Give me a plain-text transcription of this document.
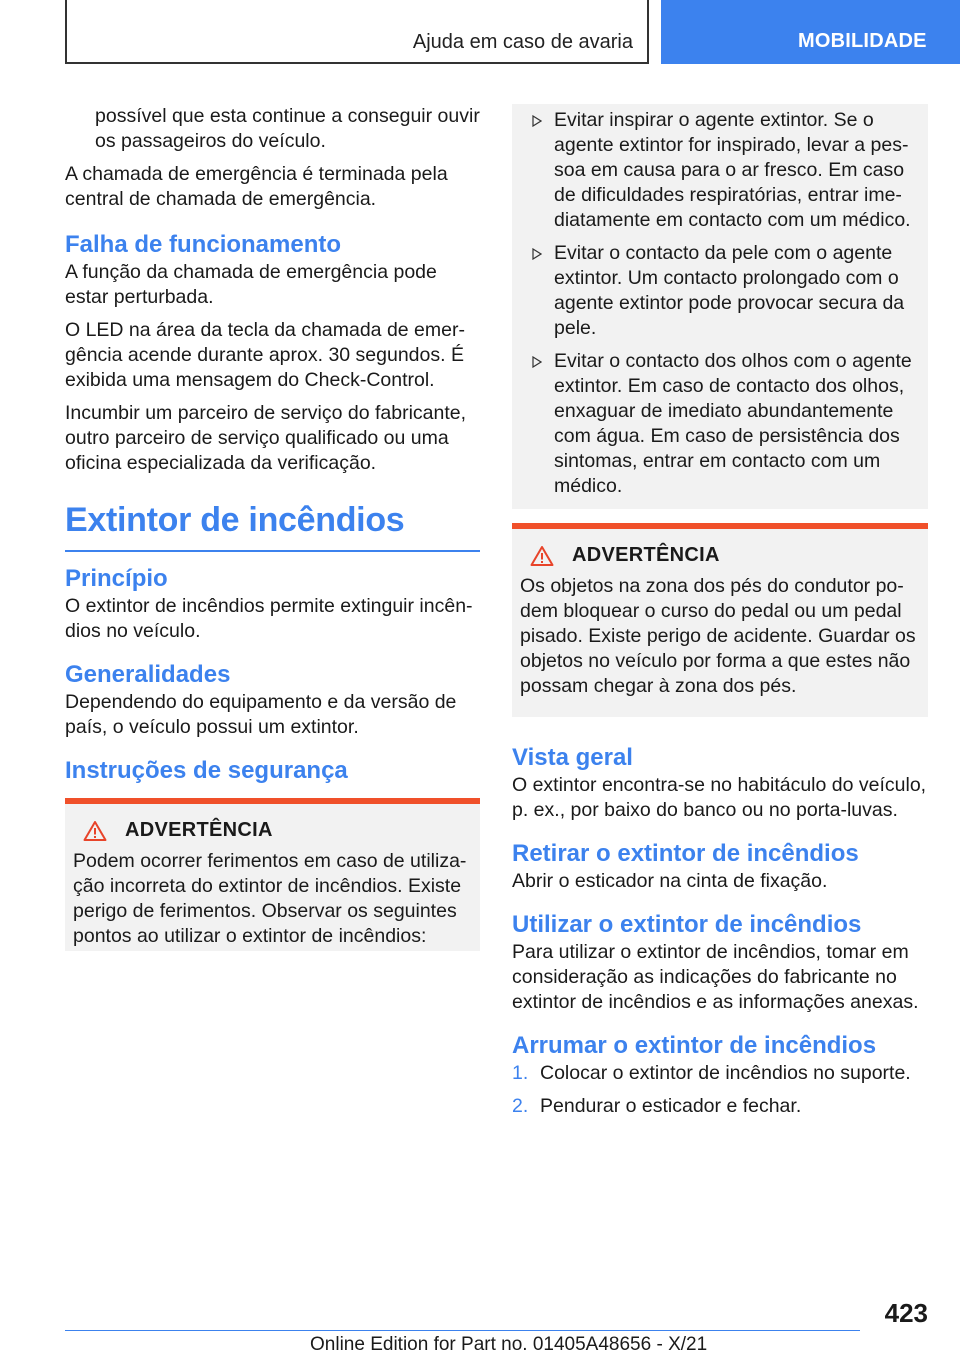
Ajuda em caso de avaria	MOBILIDADE

possível que esta continue a conseguir ouvir os passageiros do veículo.

A chamada de emergência é terminada pela central de chamada de emergência.

Falha de funcionamento

A função da chamada de emergência pode estar perturbada.

O LED na área da tecla da chamada de emergência acende durante aprox. 30 segundos. É exibida uma mensagem do Check-Control.

Incumbir um parceiro de serviço do fabricante, outro parceiro de serviço qualificado ou uma oficina especializada da verificação.

Extintor de incêndios
Princípio

O extintor de incêndios permite extinguir incêndios no veículo.

Generalidades

Dependendo do equipamento e da versão de país, o veículo possui um extintor.

Instruções de segurança
ADVERTÊNCIA

Podem ocorrer ferimentos em caso de utilização incorreta do extintor de incêndios. Existe perigo de ferimentos. Observar os seguintes pontos ao utilizar o extintor de incêndios:

Evitar inspirar o agente extintor. Se o agente extintor for inspirado, levar a pessoa em causa para o ar fresco. Em caso de dificuldades respiratórias, entrar imediatamente em contacto com um médico.
Evitar o contacto da pele com o agente extintor. Um contacto prolongado com o agente extintor pode provocar secura da pele.
Evitar o contacto dos olhos com o agente extintor. Em caso de contacto dos olhos, enxaguar de imediato abundantemente com água. Em caso de persistência dos sintomas, entrar em contacto com um médico.
ADVERTÊNCIA

Os objetos na zona dos pés do condutor podem bloquear o curso do pedal ou um pedal pisado. Existe perigo de acidente. Guardar os objetos no veículo por forma a que estes não possam chegar à zona dos pés.

Vista geral

O extintor encontra-se no habitáculo do veículo, p. ex., por baixo do banco ou no porta-luvas.

Retirar o extintor de incêndios

Abrir o esticador na cinta de fixação.

Utilizar o extintor de incêndios

Para utilizar o extintor de incêndios, tomar em consideração as indicações do fabricante no extintor de incêndios e as informações anexas.

Arrumar o extintor de incêndios
1. Colocar o extintor de incêndios no suporte.
2. Pendurar o esticador e fechar.
423
Online Edition for Part no. 01405A48656 - X/21
